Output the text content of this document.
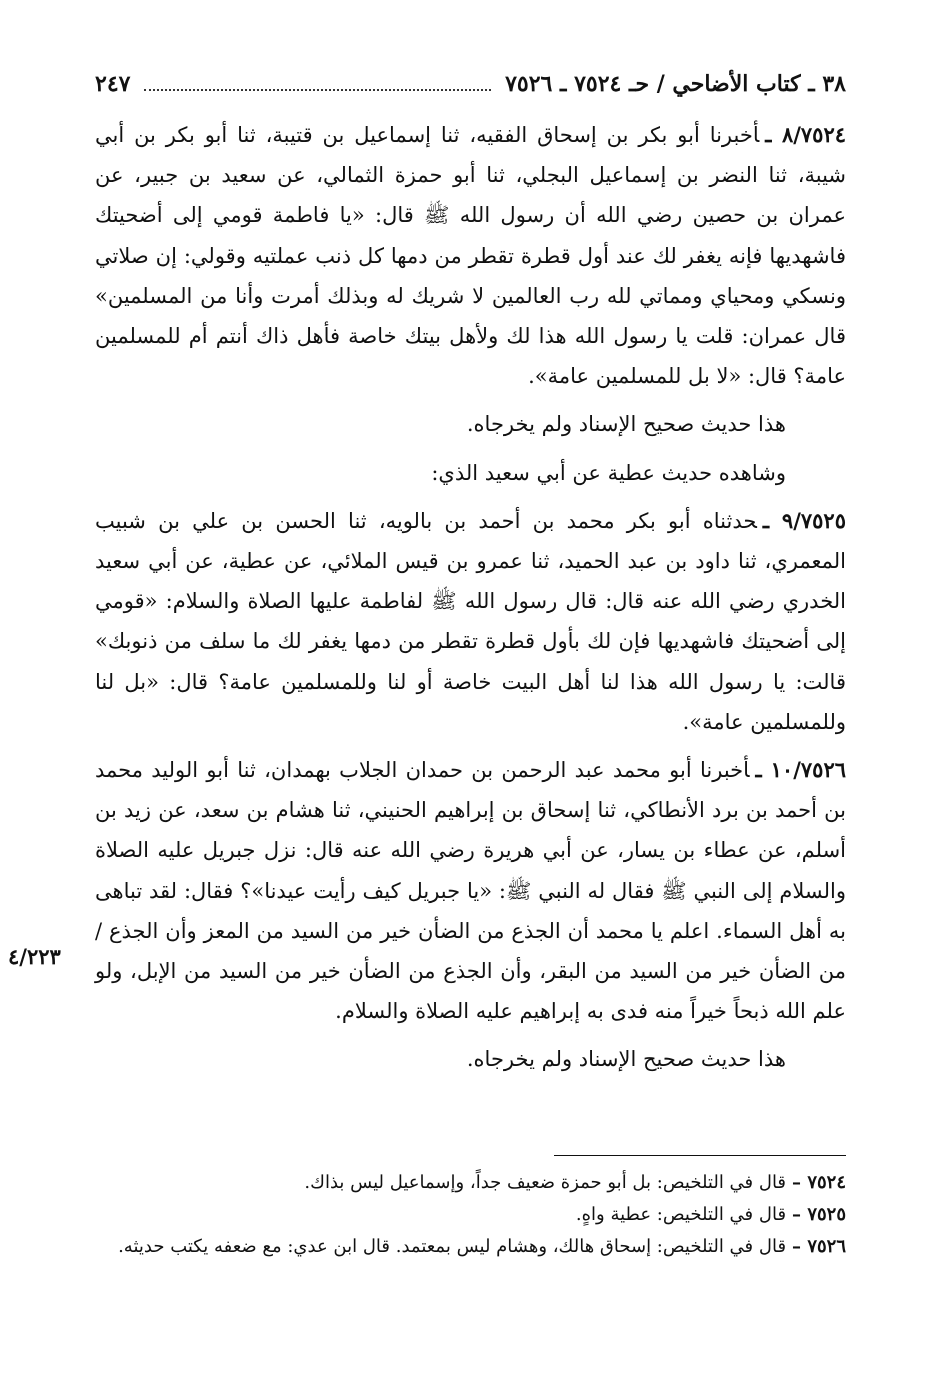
٣٨ ـ كتاب الأضاحي / حـ ٧٥٢٤ ـ ٧٥٢٦
٢٤٧

٨/٧٥٢٤ ـأخبرنا أبو بكر بن إسحاق الفقيه، ثنا إسماعيل بن قتيبة، ثنا أبو بكر بن أبي شيبة، ثنا النضر بن إسماعيل البجلي، ثنا أبو حمزة الثمالي، عن سعيد بن جبير، عن عمران بن حصين رضي الله أن رسول الله ﷺ قال: «يا فاطمة قومي إلى أضحيتك فاشهديها فإنه يغفر لك عند أول قطرة تقطر من دمها كل ذنب عملتيه وقولي: إن صلاتي ونسكي ومحياي ومماتي لله رب العالمين لا شريك له وبذلك أمرت وأنا من المسلمين» قال عمران: قلت يا رسول الله هذا لك ولأهل بيتك خاصة فأهل ذاك أنتم أم للمسلمين عامة؟ قال: «لا بل للمسلمين عامة».

هذا حديث صحيح الإسناد ولم يخرجاه.

وشاهده حديث عطية عن أبي سعيد الذي:

٩/٧٥٢٥ ـحدثناه أبو بكر محمد بن أحمد بن بالويه، ثنا الحسن بن علي بن شبيب المعمري، ثنا داود بن عبد الحميد، ثنا عمرو بن قيس الملائي، عن عطية، عن أبي سعيد الخدري رضي الله عنه قال: قال رسول الله ﷺ لفاطمة عليها الصلاة والسلام: «قومي إلى أضحيتك فاشهديها فإن لك بأول قطرة تقطر من دمها يغفر لك ما سلف من ذنوبك» قالت: يا رسول الله هذا لنا أهل البيت خاصة أو لنا وللمسلمين عامة؟ قال: «بل لنا وللمسلمين عامة».

١٠/٧٥٢٦ ـأخبرنا أبو محمد عبد الرحمن بن حمدان الجلاب بهمدان، ثنا أبو الوليد محمد بن أحمد بن برد الأنطاكي، ثنا إسحاق بن إبراهيم الحنيني، ثنا هشام بن سعد، عن زيد بن أسلم، عن عطاء بن يسار، عن أبي هريرة رضي الله عنه قال: نزل جبريل عليه الصلاة والسلام إلى النبي ﷺ فقال له النبي ﷺ: «يا جبريل كيف رأيت عيدنا»؟ فقال: لقد تباهى به أهل السماء. اعلم يا محمد أن الجذع من الضأن خير من السيد من المعز وأن الجذع / من الضأن خير من السيد من البقر، وأن الجذع من الضأن خير من السيد من الإبل، ولو علم الله ذبحاً خيراً منه فدى به إبراهيم عليه الصلاة والسلام.

هذا حديث صحيح الإسناد ولم يخرجاه.

٤/٢٢٣
٧٥٢٤ –قال في التلخيص: بل أبو حمزة ضعيف جداً، وإسماعيل ليس بذاك.
٧٥٢٥ –قال في التلخيص: عطية واهٍ.
٧٥٢٦ –قال في التلخيص: إسحاق هالك، وهشام ليس بمعتمد. قال ابن عدي: مع ضعفه يكتب حديثه.
